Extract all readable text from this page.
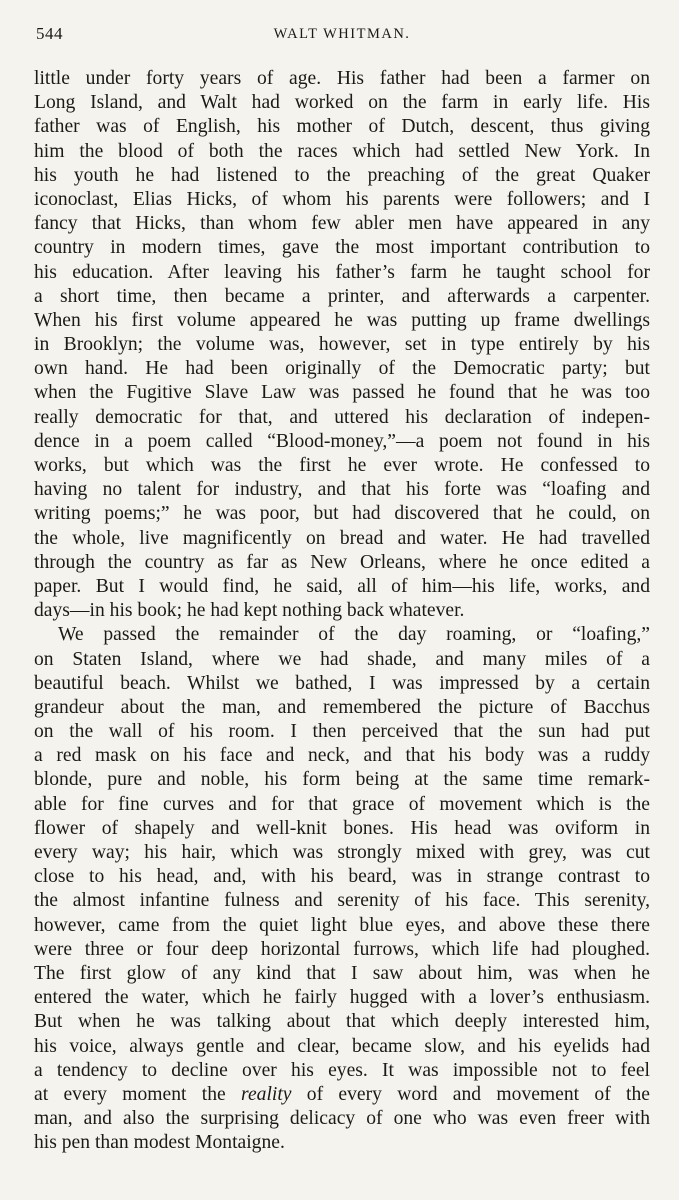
544	WALT WHITMAN.
little under forty years of age. His father had been a farmer on
Long Island, and Walt had worked on the farm in early life. His
father was of English, his mother of Dutch, descent, thus giving
him the blood of both the races which had settled New York. In
his youth he had listened to the preaching of the great Quaker
iconoclast, Elias Hicks, of whom his parents were followers; and I
fancy that Hicks, than whom few abler men have appeared in any
country in modern times, gave the most important contribution to
his education. After leaving his father’s farm he taught school for
a short time, then became a printer, and afterwards a carpenter.
When his first volume appeared he was putting up frame dwellings
in Brooklyn; the volume was, however, set in type entirely by his
own hand. He had been originally of the Democratic party; but
when the Fugitive Slave Law was passed he found that he was too
really democratic for that, and uttered his declaration of indepen-
dence in a poem called “Blood-money,”—a poem not found in his
works, but which was the first he ever wrote. He confessed to
having no talent for industry, and that his forte was “loafing and
writing poems;” he was poor, but had discovered that he could, on
the whole, live magnificently on bread and water. He had travelled
through the country as far as New Orleans, where he once edited a
paper. But I would find, he said, all of him—his life, works, and
days—in his book; he had kept nothing back whatever.
We passed the remainder of the day roaming, or “loafing,”
on Staten Island, where we had shade, and many miles of a
beautiful beach. Whilst we bathed, I was impressed by a certain
grandeur about the man, and remembered the picture of Bacchus
on the wall of his room. I then perceived that the sun had put
a red mask on his face and neck, and that his body was a ruddy
blonde, pure and noble, his form being at the same time remark-
able for fine curves and for that grace of movement which is the
flower of shapely and well-knit bones. His head was oviform in
every way; his hair, which was strongly mixed with grey, was cut
close to his head, and, with his beard, was in strange contrast to
the almost infantine fulness and serenity of his face. This serenity,
however, came from the quiet light blue eyes, and above these there
were three or four deep horizontal furrows, which life had ploughed.
The first glow of any kind that I saw about him, was when he
entered the water, which he fairly hugged with a lover’s enthusiasm.
But when he was talking about that which deeply interested him,
his voice, always gentle and clear, became slow, and his eyelids had
a tendency to decline over his eyes. It was impossible not to feel
at every moment the reality of every word and movement of the
man, and also the surprising delicacy of one who was even freer with
his pen than modest Montaigne.
